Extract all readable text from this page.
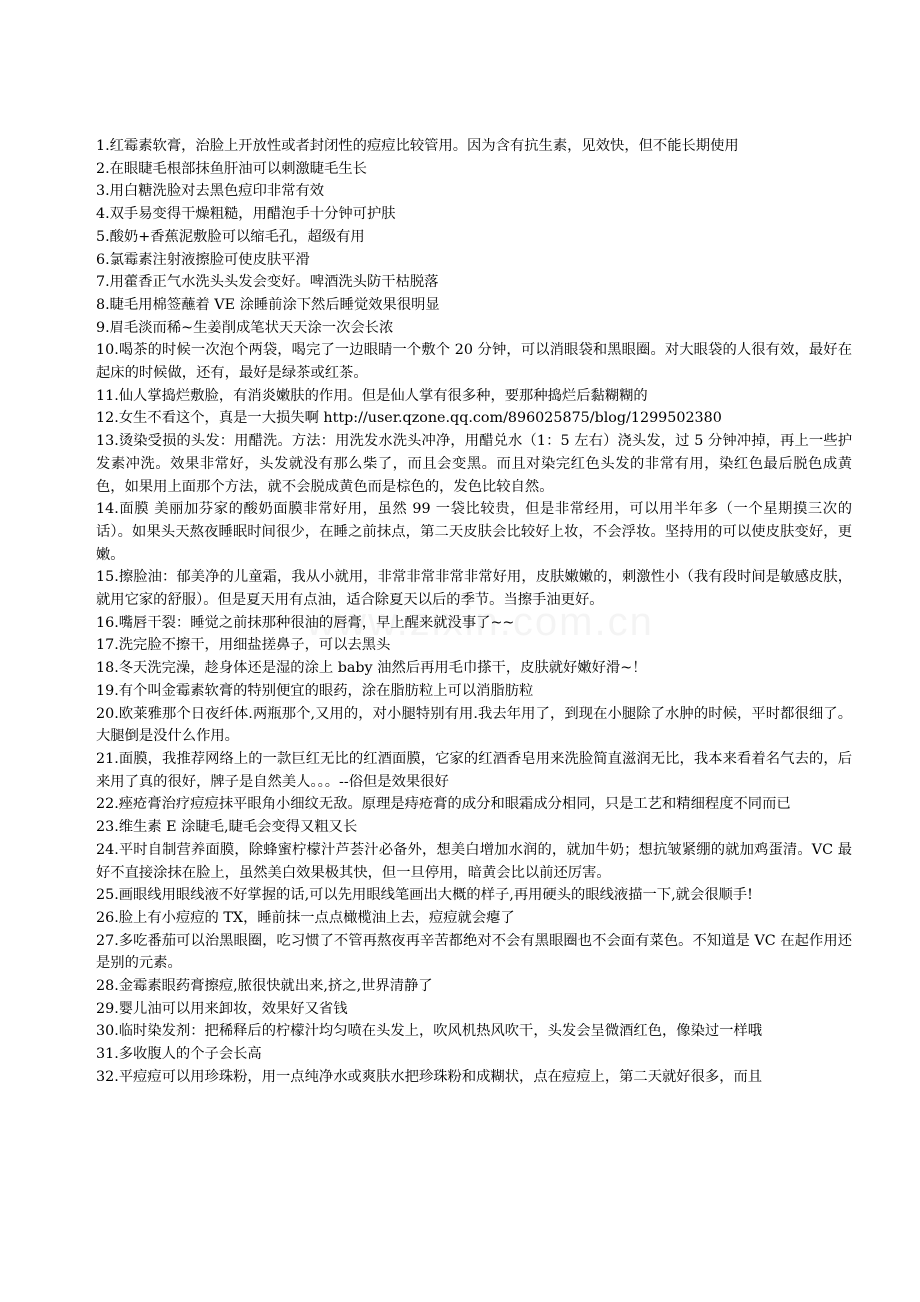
1.红霉素软膏，治脸上开放性或者封闭性的痘痘比较管用。因为含有抗生素，见效快，但不能长期使用

2.在眼睫毛根部抹鱼肝油可以刺激睫毛生长

3.用白糖洗脸对去黑色痘印非常有效

4.双手易变得干燥粗糙，用醋泡手十分钟可护肤

5.酸奶+香蕉泥敷脸可以缩毛孔，超级有用

6.氯霉素注射液擦脸可使皮肤平滑

7.用藿香正气水洗头头发会变好。啤酒洗头防干枯脱落

8.睫毛用棉签蘸着 VE 涂睡前涂下然后睡觉效果很明显

9.眉毛淡而稀~生姜削成笔状天天涂一次会长浓

10.喝茶的时候一次泡个两袋，喝完了一边眼睛一个敷个 20 分钟，可以消眼袋和黑眼圈。对大眼袋的人很有效，最好在起床的时候做，还有，最好是绿茶或红茶。

11.仙人掌捣烂敷脸，有消炎嫩肤的作用。但是仙人掌有很多种，要那种捣烂后黏糊糊的

12.女生不看这个，真是一大损失啊 http://user.qzone.qq.com/896025875/blog/1299502380

13.烫染受损的头发：用醋洗。方法：用洗发水洗头冲净，用醋兑水（1：5 左右）浇头发，过 5 分钟冲掉，再上一些护发素冲洗。效果非常好，头发就没有那么柴了，而且会变黑。而且对染完红色头发的非常有用，染红色最后脱色成黄色，如果用上面那个方法，就不会脱成黄色而是棕色的，发色比较自然。

14.面膜 美丽加芬家的酸奶面膜非常好用，虽然 99 一袋比较贵，但是非常经用，可以用半年多（一个星期摸三次的话）。如果头天熬夜睡眠时间很少，在睡之前抹点，第二天皮肤会比较好上妆，不会浮妆。坚持用的可以使皮肤变好，更嫩。

15.擦脸油：郁美净的儿童霜，我从小就用，非常非常非常非常好用，皮肤嫩嫩的，刺激性小（我有段时间是敏感皮肤，就用它家的舒服）。但是夏天用有点油，适合除夏天以后的季节。当擦手油更好。

16.嘴唇干裂：睡觉之前抹那种很油的唇膏，早上醒来就没事了~~

17.洗完脸不擦干，用细盐搓鼻子，可以去黑头

18.冬天洗完澡，趁身体还是湿的涂上 baby 油然后再用毛巾搽干，皮肤就好嫩好滑~！

19.有个叫金霉素软膏的特别便宜的眼药，涂在脂肪粒上可以消脂肪粒

20.欧莱雅那个日夜纤体.两瓶那个,又用的，对小腿特别有用.我去年用了，到现在小腿除了水肿的时候，平时都很细了。大腿倒是没什么作用。

21.面膜，我推荐网络上的一款巨红无比的红酒面膜，它家的红酒香皂用来洗脸简直滋润无比，我本来看着名气去的，后来用了真的很好，牌子是自然美人。。。--俗但是效果很好

22.痤疮膏治疗痘痘抹平眼角小细纹无敌。原理是痔疮膏的成分和眼霜成分相同，只是工艺和精细程度不同而已

23.维生素 E 涂睫毛,睫毛会变得又粗又长

24.平时自制营养面膜，除蜂蜜柠檬汁芦荟汁必备外，想美白增加水润的，就加牛奶；想抗皱紧绷的就加鸡蛋清。VC 最好不直接涂抹在脸上，虽然美白效果极其快，但一旦停用，暗黄会比以前还厉害。

25.画眼线用眼线液不好掌握的话,可以先用眼线笔画出大概的样子,再用硬头的眼线液描一下,就会很顺手!

26.脸上有小痘痘的 TX，睡前抹一点点橄榄油上去，痘痘就会瘪了

27.多吃番茄可以治黑眼圈，吃习惯了不管再熬夜再辛苦都绝对不会有黑眼圈也不会面有菜色。不知道是 VC 在起作用还是别的元素。

28.金霉素眼药膏擦痘,脓很快就出来,挤之,世界清静了

29.婴儿油可以用来卸妆，效果好又省钱

30.临时染发剂：把稀释后的柠檬汁均匀喷在头发上，吹风机热风吹干，头发会呈微酒红色，像染过一样哦

31.多收腹人的个子会长高

32.平痘痘可以用珍珠粉，用一点纯净水或爽肤水把珍珠粉和成糊状，点在痘痘上，第二天就好很多，而且
